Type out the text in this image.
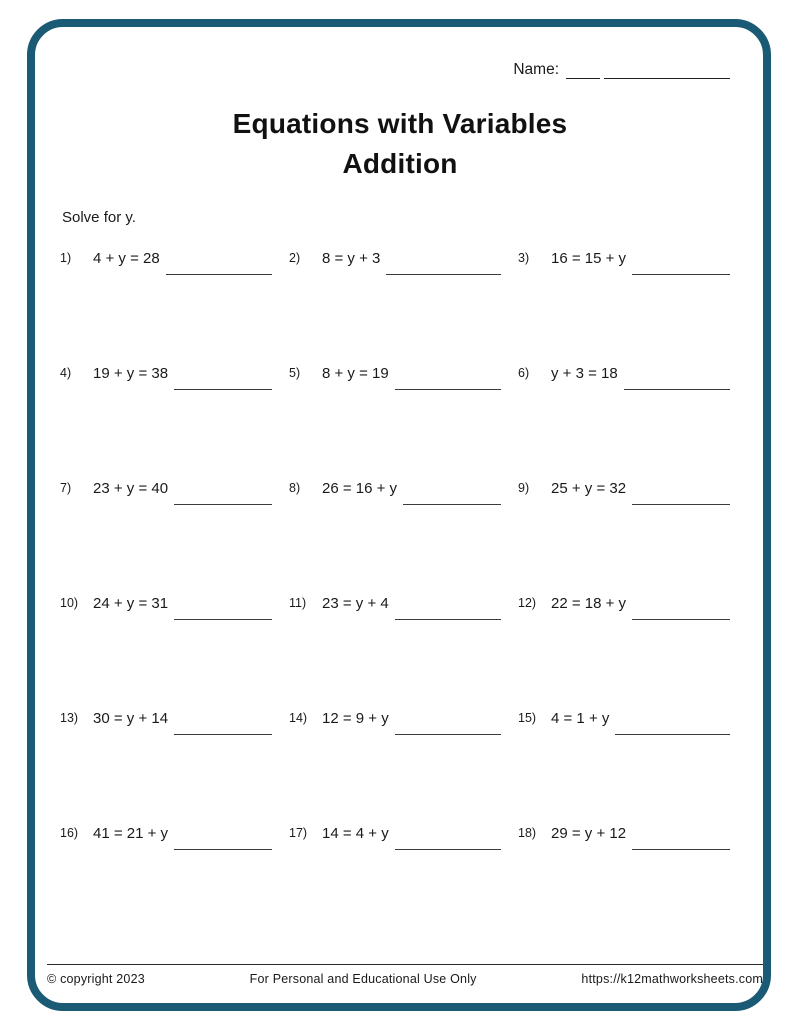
Name:
Equations with Variables
Addition
Solve for y.
1)	4 + y = 28	2)	8 = y + 3	3)	16 = 15 + y
4)	19 + y = 38	5)	8 + y = 19	6)	y + 3 = 18
7)	23 + y = 40	8)	26 = 16 + y	9)	25 + y = 32
10) 24 + y = 31	11)	23 = y + 4	12) 22 = 18 + y
13) 30 = y + 14	14) 12 = 9 + y	15) 4 = 1 + y
16) 41 = 21 + y	17) 14 = 4 + y	18) 29 = y + 12
© copyright 2023	For Personal and Educational Use Only	https://k12mathworksheets.com
